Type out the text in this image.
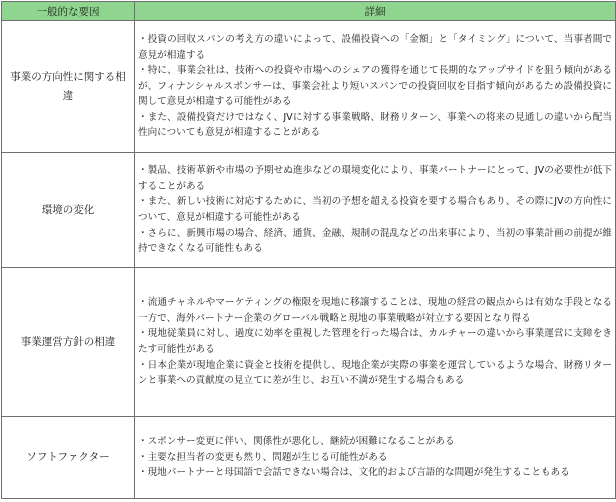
一般的な要因	詳細
事業の方向性に関する相違	・投資の回収スパンの考え方の違いによって、設備投資への「金額」と「タイミング」について、当事者間で意見が相違する
・特に、事業会社は、技術への投資や市場へのシェアの獲得を通じて長期的なアップサイドを狙う傾向があるが、フィナンシャルスポンサーは、事業会社より短いスパンでの投資回収を目指す傾向があるため設備投資に関して意見が相違する可能性がある
・また、設備投資だけではなく、JVに対する事業戦略、財務リターン、事業への将来の見通しの違いから配当性向についても意見が相違することがある

環境の変化	・製品、技術革新や市場の予期せぬ進歩などの環境変化により、事業パートナーにとって、JVの必要性が低下することがある
・また、新しい技術に対応するために、当初の予想を超える投資を要する場合もあり、その際にJVの方向性について、意見が相違する可能性がある
・さらに、新興市場の場合、経済、通貨、金融、規制の混乱などの出来事により、当初の事業計画の前提が維持できなくなる可能性もある

事業運営方針の相違	・流通チャネルやマーケティングの権限を現地に移譲することは、現地の経営の観点からは有効な手段となる一方で、海外パートナー企業のグローバル戦略と現地の事業戦略が対立する要因となり得る
・現地従業員に対し、過度に効率を重視した管理を行った場合は、カルチャーの違いから事業運営に支障をきたす可能性がある
・日本企業が現地企業に資金と技術を提供し、現地企業が実際の事業を運営しているような場合、財務リターンと事業への貢献度の見立てに差が生じ、お互い不満が発生する場合もある

ソフトファクター	・スポンサー変更に伴い、関係性が悪化し、継続が困難になることがある
・主要な担当者の変更も然り、問題が生じる可能性がある
・現地パートナーと母国語で会話できない場合は、文化的および言語的な問題が発生することもある
